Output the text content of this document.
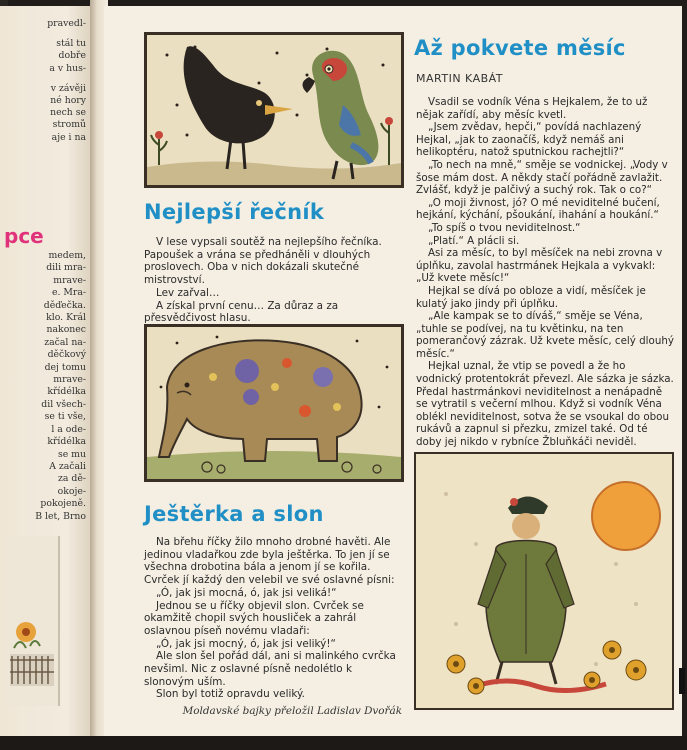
pravedl-
stál tu
dobře
a v hus-
v závěji
né hory
nech se
stromů
aje i na
pce
medem,
dili mra-
mrave-
e. Mra-
děďečka.
klo. Král
nakonec
začal na-
děčkový
dej tomu
mrave-
křídélka
dil všech-
se ti vše,
l a ode-
křídélka
se mu
A začali
za dě-
okoje-
pokojeně.
B let, Brno
Nejlepší řečník

V lese vypsali soutěž na nejlepšího řečníka. Papoušek a vrána se předháněli v dlouhých proslovech. Oba v nich dokázali skutečné mistrovství.

Lev zařval…

A získal první cenu… Za důraz a za přesvědčivost hlasu.

Ještěrka a slon

Na břehu říčky žilo mnoho drobné havěti. Ale jedinou vladařkou zde byla ještěrka. To jen jí se všechna drobotina bála a jenom jí se kořila. Cvrček jí každý den velebil ve své oslavné písni:

„Ó, jak jsi mocná, ó, jak jsi veliká!“

Jednou se u říčky objevil slon. Cvrček se okamžitě chopil svých housliček a zahrál oslavnou píseň novému vladaři:

„Ó, jak jsi mocný, ó, jak jsi veliký!“

Ale slon šel pořád dál, ani si malinkého cvrčka nevšiml. Nic z oslavné písně nedolétlo k slonovým uším.

Slon byl totiž opravdu veliký.

Moldavské bajky přeložil Ladislav Dvořák

Až pokvete měsíc
MARTIN KABÁT

Vsadil se vodník Véna s Hejkalem, že to už nějak zařídí, aby měsíc kvetl.

„Jsem zvědav, hepči,“ povídá nachlazený Hejkal, „jak to zaonačíš, když nemáš ani helikoptéru, natož sputnickou rachejtli?“

„To nech na mně,“ směje se vodnickej. „Vody v šose mám dost. A někdy stačí pořádně zavlažit. Zvlášť, když je palčivý a suchý rok. Tak o co?“

„O moji živnost, jó? O mé neviditelné bučení, hejkání, kýchání, pšoukání, ihahání a houkání.“

„To spíš o tvou neviditelnost.“

„Platí.“ A plácli si.

Asi za měsíc, to byl měsíček na nebi zrovna v úplňku, zavolal hastrmánek Hejkala a vykvakl: „Už kvete měsíc!“

Hejkal se dívá po obloze a vidí, měsíček je kulatý jako jindy při úplňku.

„Ale kampak se to díváš,“ směje se Véna, „tuhle se podívej, na tu květinku, na ten pomerančový zázrak. Už kvete měsíc, celý dlouhý měsíc.“

Hejkal uznal, že vtip se povedl a že ho vodnický protentokrát převezl. Ale sázka je sázka. Předal hastrmánkovi neviditelnost a nenápadně se vytratil s večerní mlhou. Když si vodník Véna oblékl neviditelnost, sotva že se vsoukal do obou rukávů a zapnul si přezku, zmizel také. Od té doby jej nikdo v rybníce Žbluňkáči neviděl.
